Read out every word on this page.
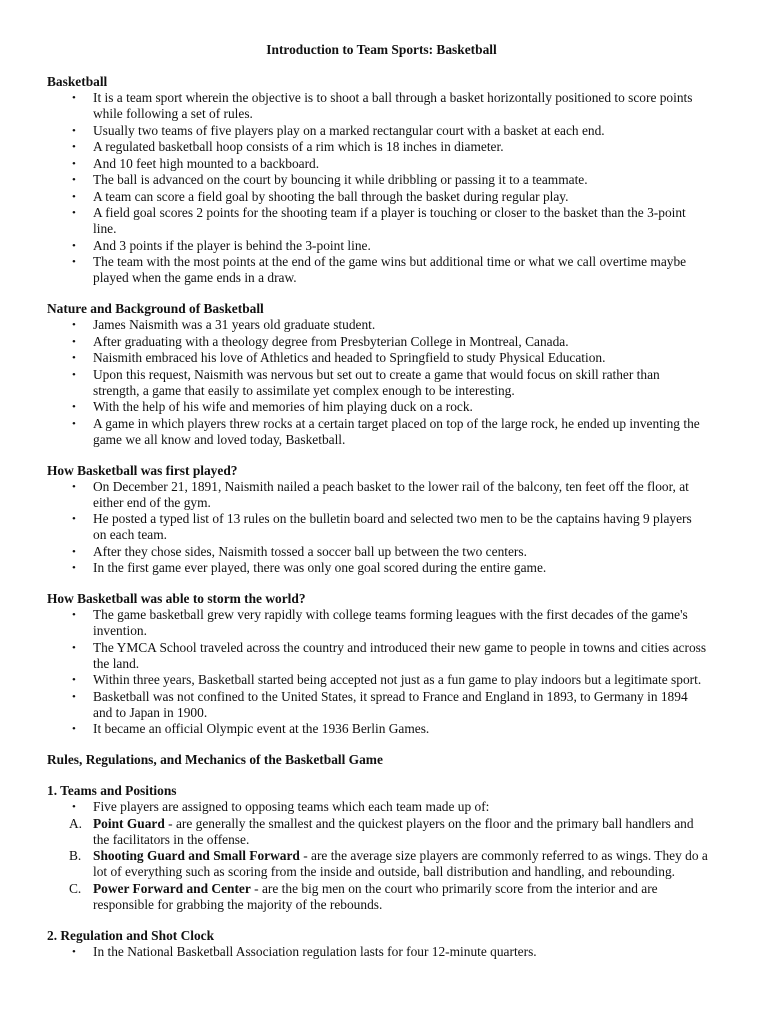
Introduction to Team Sports: Basketball
Basketball
• It is a team sport wherein the objective is to shoot a ball through a basket horizontally positioned to score points while following a set of rules.
• Usually two teams of five players play on a marked rectangular court with a basket at each end.
• A regulated basketball hoop consists of a rim which is 18 inches in diameter.
• And 10 feet high mounted to a backboard.
• The ball is advanced on the court by bouncing it while dribbling or passing it to a teammate.
• A team can score a field goal by shooting the ball through the basket during regular play.
• A field goal scores 2 points for the shooting team if a player is touching or closer to the basket than the 3-point line.
• And 3 points if the player is behind the 3-point line.
• The team with the most points at the end of the game wins but additional time or what we call overtime maybe played when the game ends in a draw.
Nature and Background of Basketball
• James Naismith was a 31 years old graduate student.
• After graduating with a theology degree from Presbyterian College in Montreal, Canada.
• Naismith embraced his love of Athletics and headed to Springfield to study Physical Education.
• Upon this request, Naismith was nervous but set out to create a game that would focus on skill rather than strength, a game that easily to assimilate yet complex enough to be interesting.
• With the help of his wife and memories of him playing duck on a rock.
• A game in which players threw rocks at a certain target placed on top of the large rock, he ended up inventing the game we all know and loved today, Basketball.
How Basketball was first played?
• On December 21, 1891, Naismith nailed a peach basket to the lower rail of the balcony, ten feet off the floor, at either end of the gym.
• He posted a typed list of 13 rules on the bulletin board and selected two men to be the captains having 9 players on each team.
• After they chose sides, Naismith tossed a soccer ball up between the two centers.
• In the first game ever played, there was only one goal scored during the entire game.
How Basketball was able to storm the world?
• The game basketball grew very rapidly with college teams forming leagues with the first decades of the game's invention.
• The YMCA School traveled across the country and introduced their new game to people in towns and cities across the land.
• Within three years, Basketball started being accepted not just as a fun game to play indoors but a legitimate sport.
• Basketball was not confined to the United States, it spread to France and England in 1893, to Germany in 1894 and to Japan in 1900.
• It became an official Olympic event at the 1936 Berlin Games.
Rules, Regulations, and Mechanics of the Basketball Game
1. Teams and Positions
• Five players are assigned to opposing teams which each team made up of:
A. Point Guard - are generally the smallest and the quickest players on the floor and the primary ball handlers and the facilitators in the offense.
B. Shooting Guard and Small Forward - are the average size players are commonly referred to as wings. They do a lot of everything such as scoring from the inside and outside, ball distribution and handling, and rebounding.
C. Power Forward and Center - are the big men on the court who primarily score from the interior and are responsible for grabbing the majority of the rebounds.
2. Regulation and Shot Clock
• In the National Basketball Association regulation lasts for four 12-minute quarters.
